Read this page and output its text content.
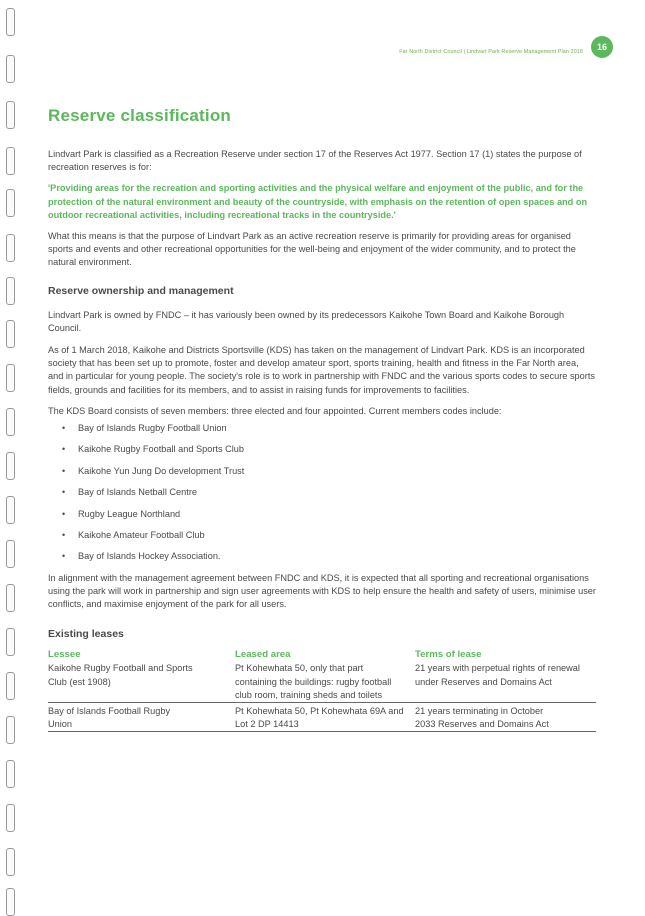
Far North District Council | Lindvart Park Reserve Management Plan 2018	16
Reserve classification

Lindvart Park is classified as a Recreation Reserve under section 17 of the Reserves Act 1977. Section 17 (1) states the purpose of recreation reserves is for:

'Providing areas for the recreation and sporting activities and the physical welfare and enjoyment of the public, and for the protection of the natural environment and beauty of the countryside, with emphasis on the retention of open spaces and on outdoor recreational activities, including recreational tracks in the countryside.'

What this means is that the purpose of Lindvart Park as an active recreation reserve is primarily for providing areas for organised sports and events and other recreational opportunities for the well-being and enjoyment of the wider community, and to protect the natural environment.

Reserve ownership and management

Lindvart Park is owned by FNDC – it has variously been owned by its predecessors Kaikohe Town Board and Kaikohe Borough Council.

As of 1 March 2018, Kaikohe and Districts Sportsville (KDS) has taken on the management of Lindvart Park. KDS is an incorporated society that has been set up to promote, foster and develop amateur sport, sports training, health and fitness in the Far North area, and in particular for young people. The society's role is to work in partnership with FNDC and the various sports codes to secure sports fields, grounds and facilities for its members, and to assist in raising funds for improvements to facilities.

The KDS Board consists of seven members: three elected and four appointed. Current members codes include:

• Bay of Islands Rugby Football Union
• Kaikohe Rugby Football and Sports Club
• Kaikohe Yun Jung Do development Trust
• Bay of Islands Netball Centre
• Rugby League Northland
• Kaikohe Amateur Football Club
• Bay of Islands Hockey Association.

In alignment with the management agreement between FNDC and KDS, it is expected that all sporting and recreational organisations using the park will work in partnership and sign user agreements with KDS to help ensure the health and safety of users, minimise user conflicts, and maximise enjoyment of the park for all users.

Existing leases
Lessee	Leased area	Terms of lease
Kaikohe Rugby Football and Sports Club (est 1908)	Pt Kohewhata 50, only that part containing the buildings: rugby football club room, training sheds and toilets	21 years with perpetual rights of renewal under Reserves and Domains Act
Bay of Islands Football Rugby Union	Pt Kohewhata 50, Pt Kohewhata 69A and Lot 2 DP 14413	21 years terminating in October 2033 Reserves and Domains Act
